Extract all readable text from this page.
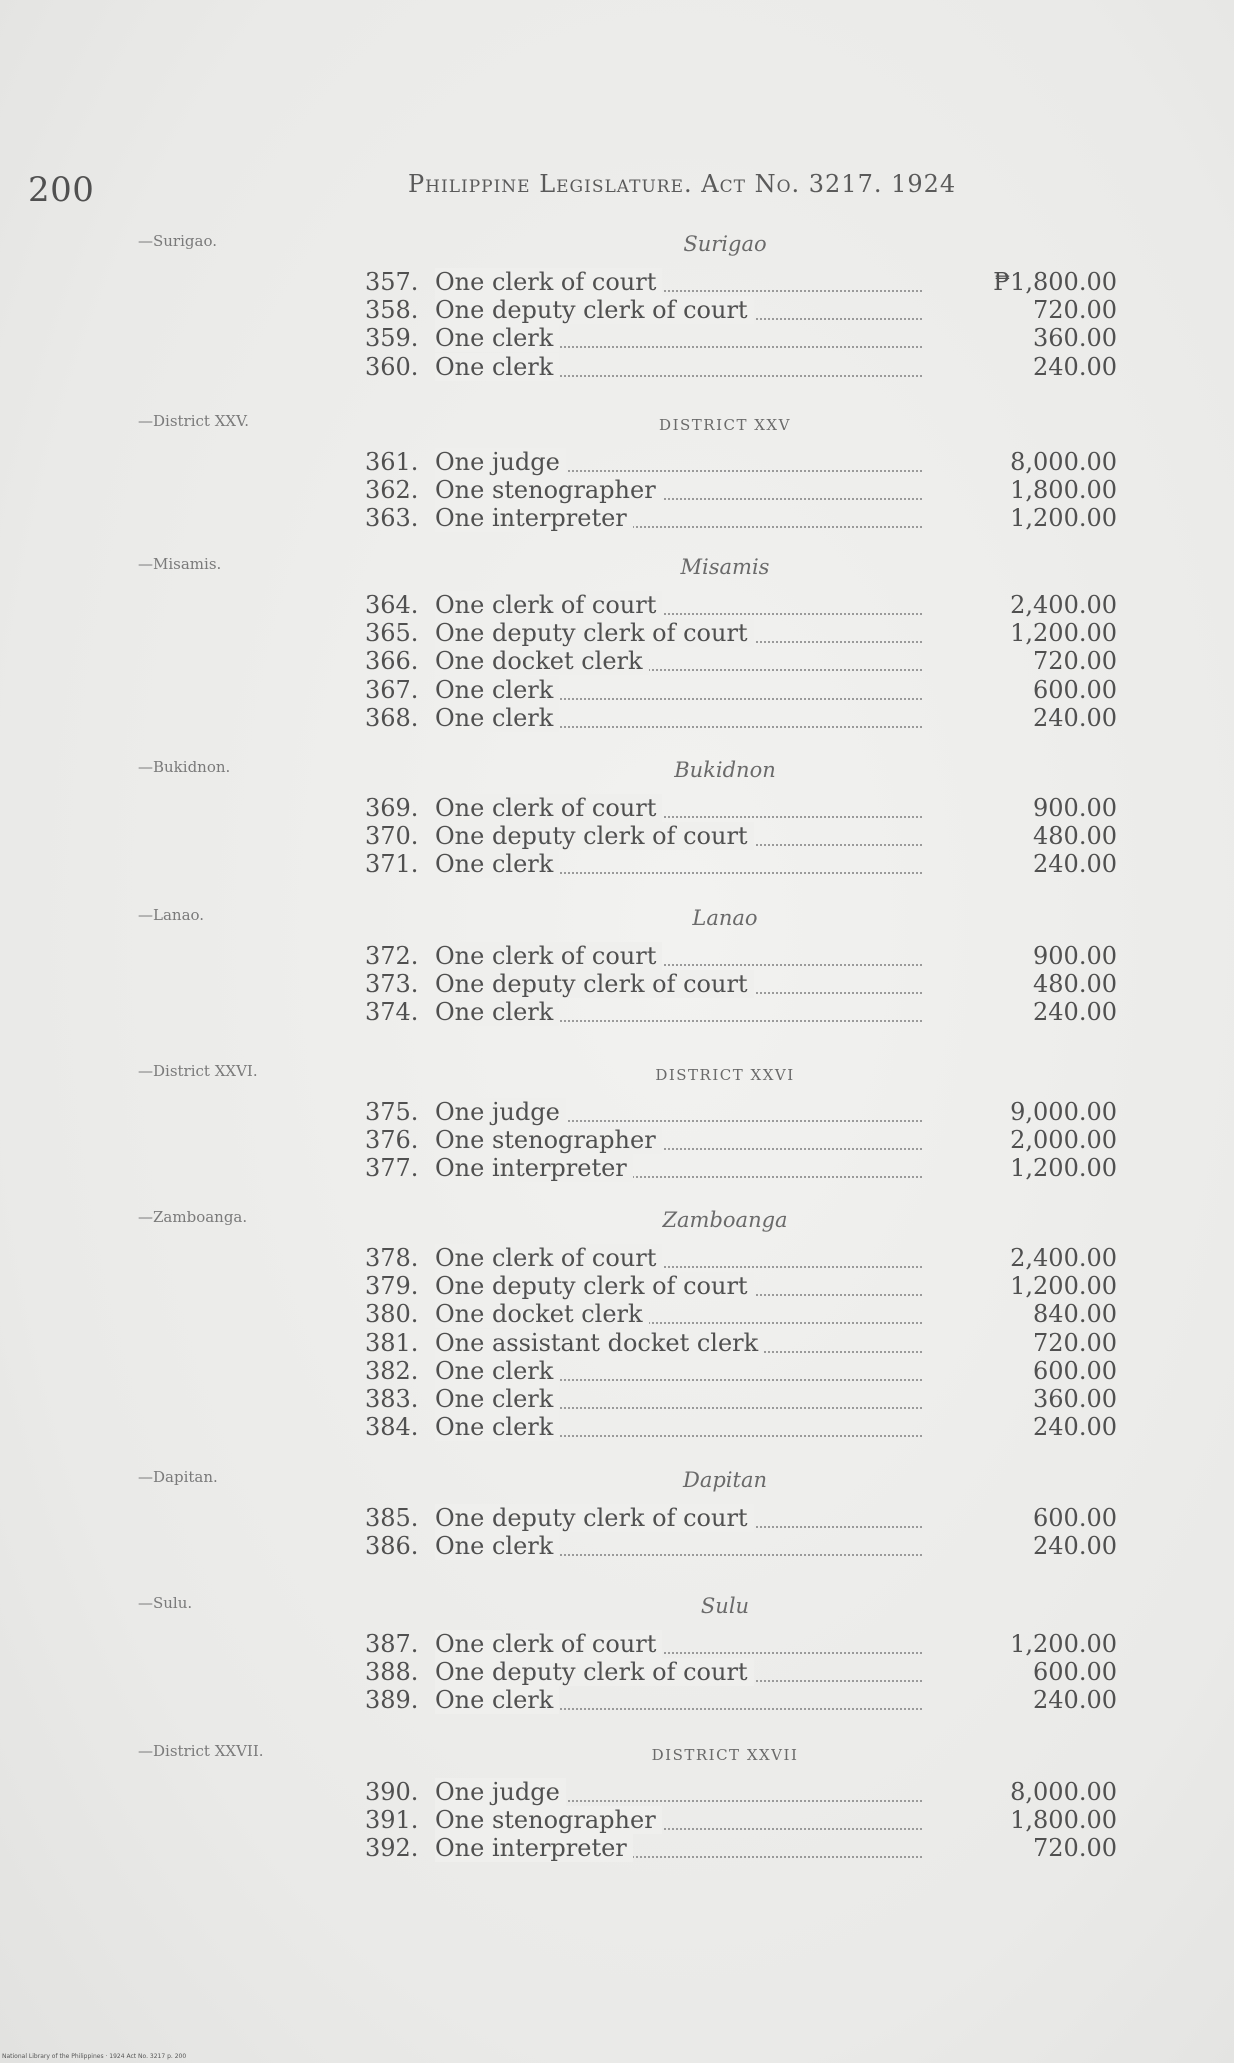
200	Philippine Legislature. Act No. 3217. 1924
—Surigao.	Surigao
357. One clerk of court	₱1,800.00
358. One deputy clerk of court	720.00
359. One clerk	360.00
360. One clerk	240.00
—District XXV.	DISTRICT XXV
361. One judge	8,000.00
362. One stenographer	1,800.00
363. One interpreter	1,200.00
—Misamis.	Misamis
364. One clerk of court	2,400.00
365. One deputy clerk of court	1,200.00
366. One docket clerk	720.00
367. One clerk	600.00
368. One clerk	240.00
—Bukidnon.	Bukidnon
369. One clerk of court	900.00
370. One deputy clerk of court	480.00
371. One clerk	240.00
—Lanao.	Lanao
372. One clerk of court	900.00
373. One deputy clerk of court	480.00
374. One clerk	240.00
—District XXVI.	DISTRICT XXVI
375. One judge	9,000.00
376. One stenographer	2,000.00
377. One interpreter	1,200.00
—Zamboanga.	Zamboanga
378. One clerk of court	2,400.00
379. One deputy clerk of court	1,200.00
380. One docket clerk	840.00
381. One assistant docket clerk	720.00
382. One clerk	600.00
383. One clerk	360.00
384. One clerk	240.00
—Dapitan.	Dapitan
385. One deputy clerk of court	600.00
386. One clerk	240.00
—Sulu.	Sulu
387. One clerk of court	1,200.00
388. One deputy clerk of court	600.00
389. One clerk	240.00
—District XXVII.	DISTRICT XXVII
390. One judge	8,000.00
391. One stenographer	1,800.00
392. One interpreter	720.00
National Library of the Philippines · 1924 Act No. 3217 p. 200
